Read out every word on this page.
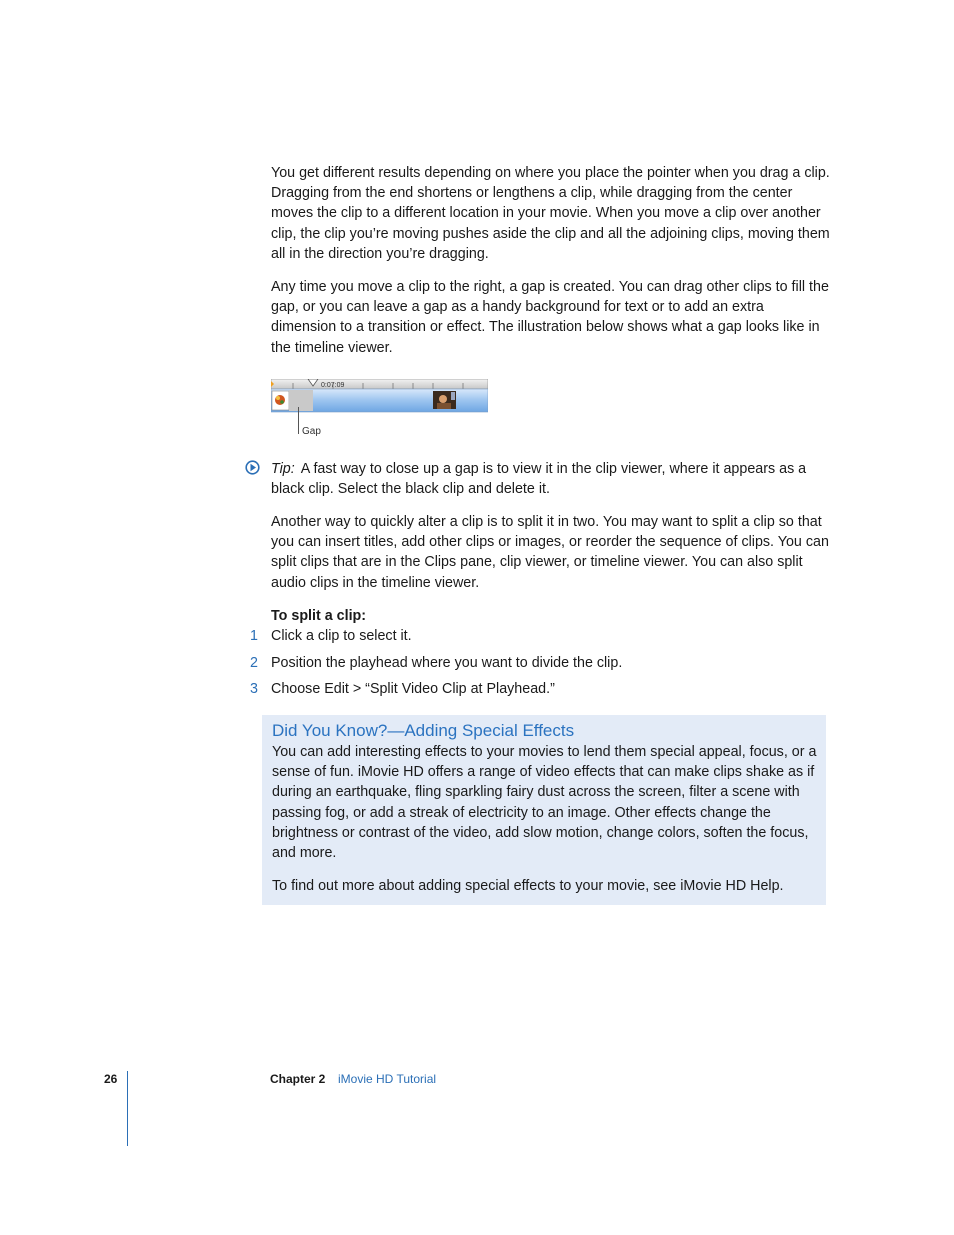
You get different results depending on where you place the pointer when you drag a clip. Dragging from the end shortens or lengthens a clip, while dragging from the center moves the clip to a different location in your movie. When you move a clip over another clip, the clip you’re moving pushes aside the clip and all the adjoining clips, moving them all in the direction you’re dragging.

Any time you move a clip to the right, a gap is created. You can drag other clips to fill the gap, or you can leave a gap as a handy background for text or to add an extra dimension to a transition or effect. The illustration below shows what a gap looks like in the timeline viewer.

0:07:09
Gap

Tip: A fast way to close up a gap is to view it in the clip viewer, where it appears as a black clip. Select the black clip and delete it.

Another way to quickly alter a clip is to split it in two. You may want to split a clip so that you can insert titles, add other clips or images, or reorder the sequence of clips. You can split clips that are in the Clips pane, clip viewer, or timeline viewer. You can also split audio clips in the timeline viewer.

To split a clip:

1 Click a clip to select it.
2 Position the playhead where you want to divide the clip.
3 Choose Edit > “Split Video Clip at Playhead.”

Did You Know?—Adding Special Effects

You can add interesting effects to your movies to lend them special appeal, focus, or a sense of fun. iMovie HD offers a range of video effects that can make clips shake as if during an earthquake, fling sparkling fairy dust across the screen, filter a scene with passing fog, or add a streak of electricity to an image. Other effects change the brightness or contrast of the video, add slow motion, change colors, soften the focus, and more.

To find out more about adding special effects to your movie, see iMovie HD Help.

26	Chapter 2 iMovie HD Tutorial
